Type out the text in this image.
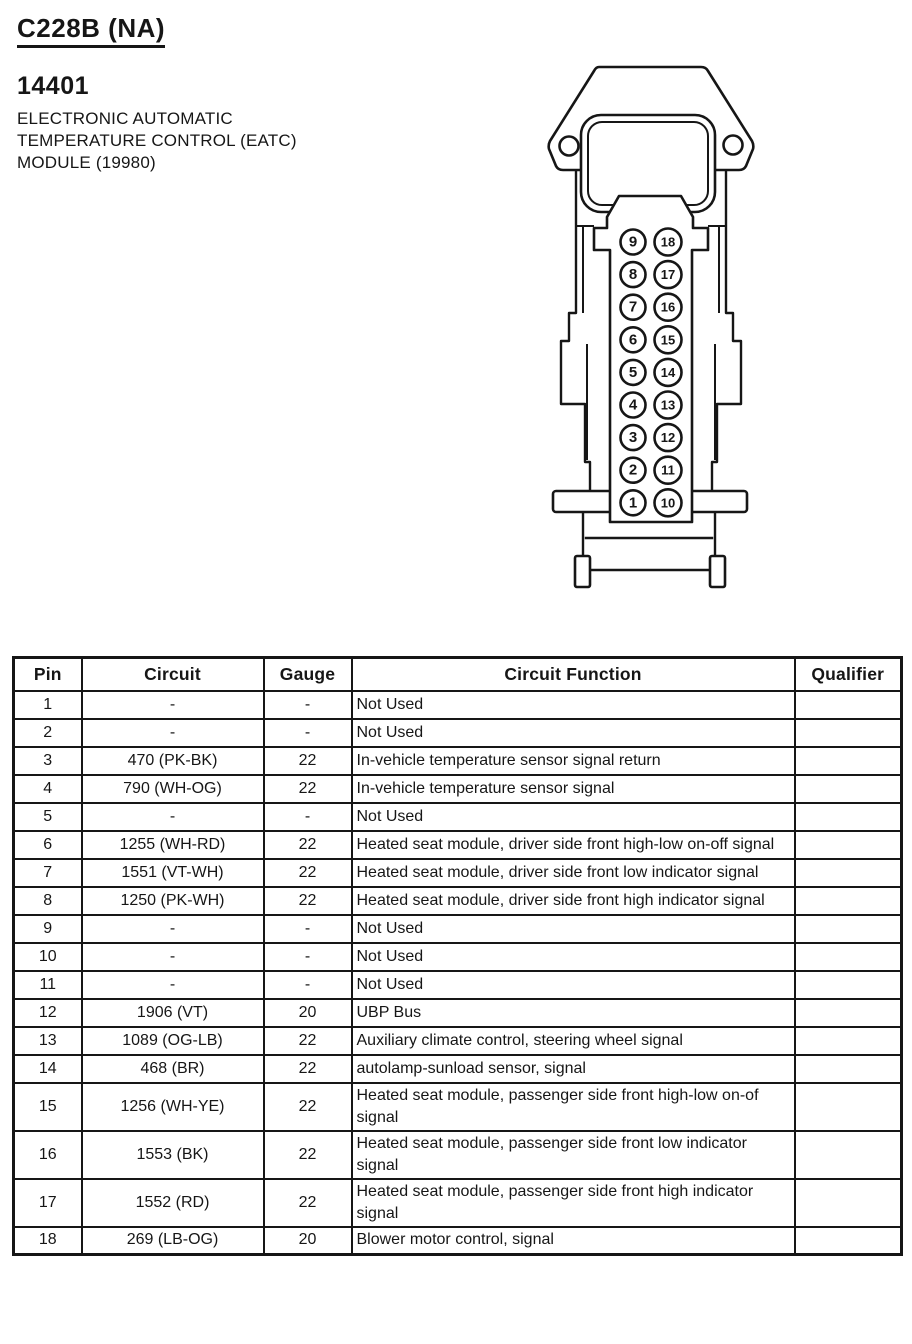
C228B (NA)
14401
ELECTRONIC AUTOMATIC
TEMPERATURE CONTROL (EATC)
MODULE (19980)
9
8
7
6
5
4
3
2
1
18
17
16
15
14
13
12
11
10
Pin	Circuit	Gauge	Circuit Function	Qualifier
1	-	-	Not Used	
2	-	-	Not Used	
3	470 (PK-BK)	22	In-vehicle temperature sensor signal return	
4	790 (WH-OG)	22	In-vehicle temperature sensor signal	
5	-	-	Not Used	
6	1255 (WH-RD)	22	Heated seat module, driver side front high-low on-off signal	
7	1551 (VT-WH)	22	Heated seat module, driver side front low indicator signal	
8	1250 (PK-WH)	22	Heated seat module, driver side front high indicator signal	
9	-	-	Not Used	
10	-	-	Not Used	
11	-	-	Not Used	
12	1906 (VT)	20	UBP Bus	
13	1089 (OG-LB)	22	Auxiliary climate control, steering wheel signal	
14	468 (BR)	22	autolamp-sunload sensor, signal	
15	1256 (WH-YE)	22	Heated seat module, passenger side front high-low on-of signal	
16	1553 (BK)	22	Heated seat module, passenger side front low indicator signal	
17	1552 (RD)	22	Heated seat module, passenger side front high indicator signal	
18	269 (LB-OG)	20	Blower motor control, signal	
